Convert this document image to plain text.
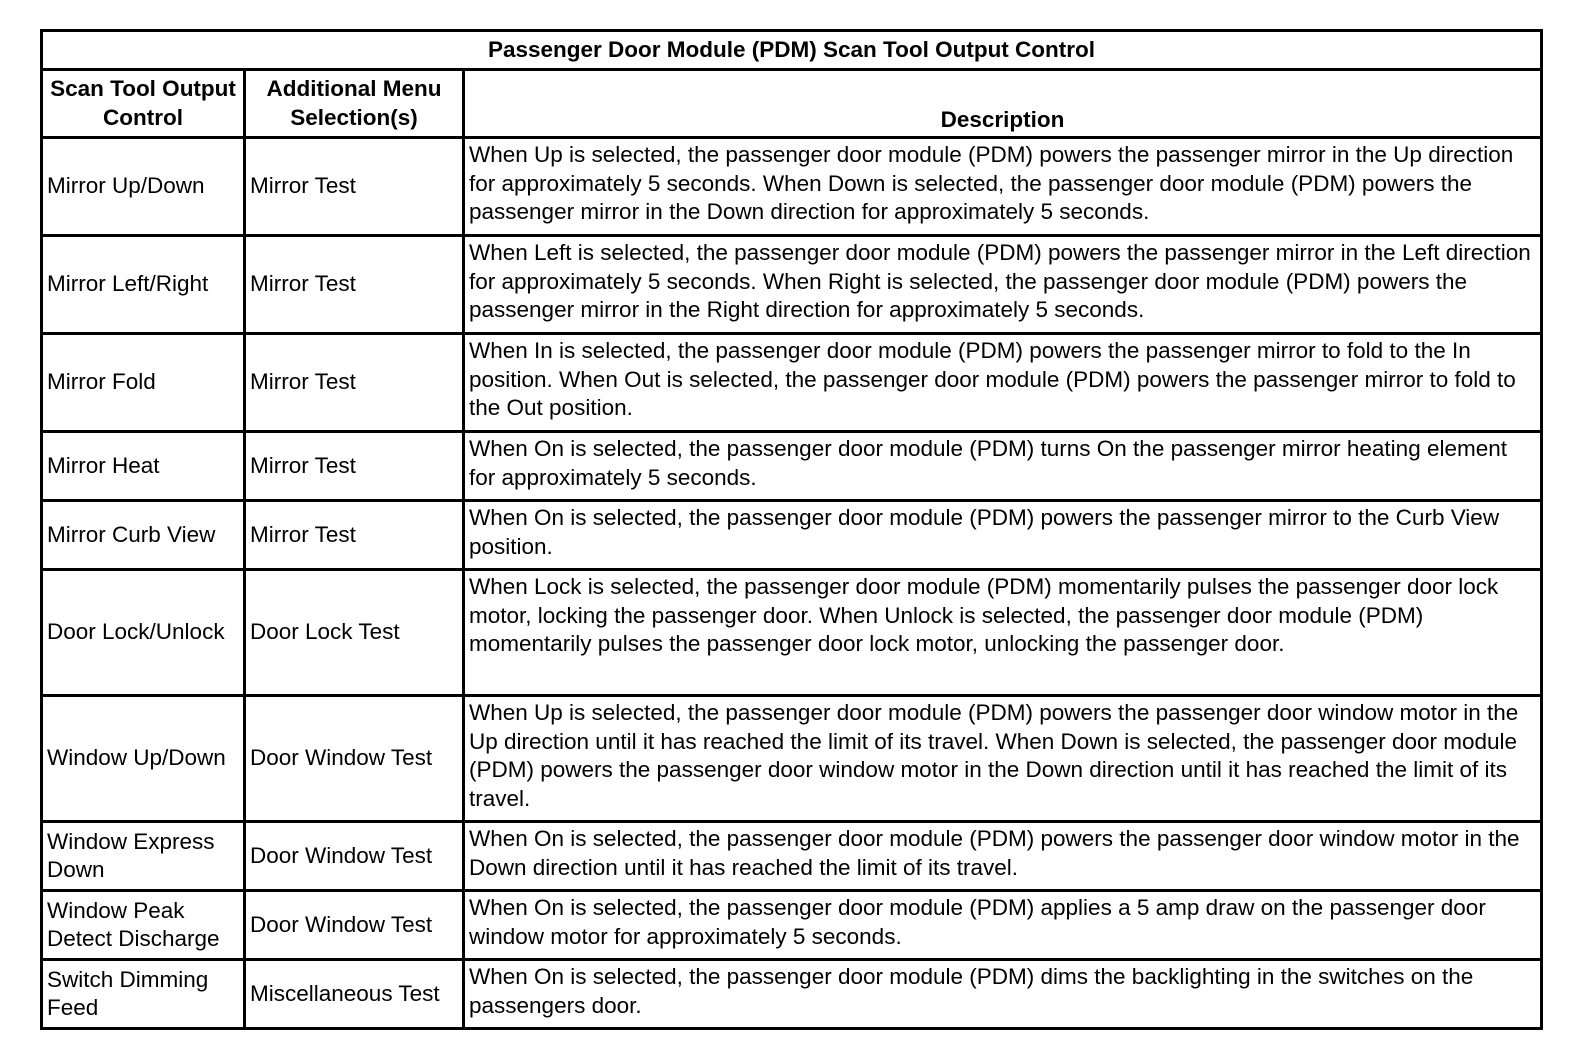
Passenger Door Module (PDM) Scan Tool Output Control		
Scan Tool Output Control	Additional Menu Selection(s)	Description
Mirror Up/Down	Mirror Test	When Up is selected, the passenger door module (PDM) powers the passenger mirror in the Up direction for approximately 5 seconds. When Down is selected, the passenger door module (PDM) powers the passenger mirror in the Down direction for approximately 5 seconds.
Mirror Left/Right	Mirror Test	When Left is selected, the passenger door module (PDM) powers the passenger mirror in the Left direction for approximately 5 seconds. When Right is selected, the passenger door module (PDM) powers the passenger mirror in the Right direction for approximately 5 seconds.
Mirror Fold	Mirror Test	When In is selected, the passenger door module (PDM) powers the passenger mirror to fold to the In position. When Out is selected, the passenger door module (PDM) powers the passenger mirror to fold to the Out position.
Mirror Heat	Mirror Test	When On is selected, the passenger door module (PDM) turns On the passenger mirror heating element for approximately 5 seconds.
Mirror Curb View	Mirror Test	When On is selected, the passenger door module (PDM) powers the passenger mirror to the Curb View position.
Door Lock/Unlock	Door Lock Test	When Lock is selected, the passenger door module (PDM) momentarily pulses the passenger door lock motor, locking the passenger door. When Unlock is selected, the passenger door module (PDM) momentarily pulses the passenger door lock motor, unlocking the passenger door.
Window Up/Down	Door Window Test	When Up is selected, the passenger door module (PDM) powers the passenger door window motor in the Up direction until it has reached the limit of its travel. When Down is selected, the passenger door module (PDM) powers the passenger door window motor in the Down direction until it has reached the limit of its travel.
Window Express Down	Door Window Test	When On is selected, the passenger door module (PDM) powers the passenger door window motor in the Down direction until it has reached the limit of its travel.
Window Peak Detect Discharge	Door Window Test	When On is selected, the passenger door module (PDM) applies a 5 amp draw on the passenger door window motor for approximately 5 seconds.
Switch Dimming Feed	Miscellaneous Test	When On is selected, the passenger door module (PDM) dims the backlighting in the switches on the passengers door.
